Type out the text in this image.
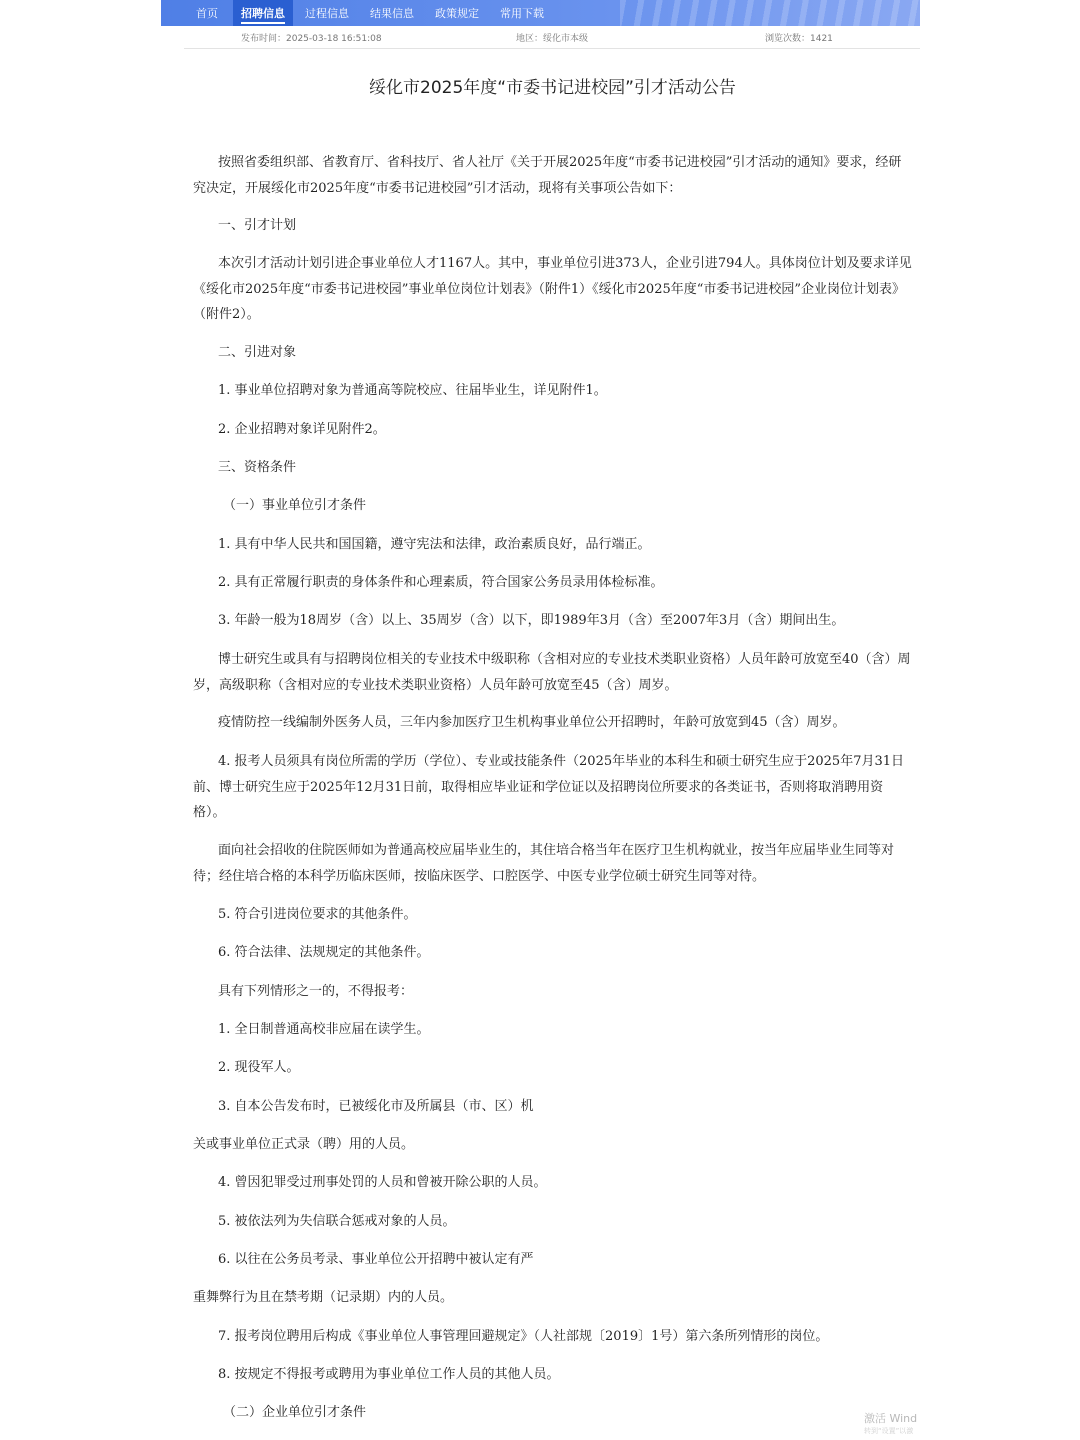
首页	招聘信息	过程信息	结果信息	政策规定	常用下载
发布时间：2025-03-18 16:51:08	地区：绥化市本级	浏览次数：1421
绥化市2025年度“市委书记进校园”引才活动公告
按照省委组织部、省教育厅、省科技厅、省人社厅《关于开展2025年度“市委书记进校园”引才活动的通知》要求，经研究决定，开展绥化市2025年度“市委书记进校园”引才活动，现将有关事项公告如下：
一、引才计划
本次引才活动计划引进企事业单位人才1167人。其中，事业单位引进373人，企业引进794人。具体岗位计划及要求详见《绥化市2025年度“市委书记进校园”事业单位岗位计划表》（附件1）《绥化市2025年度“市委书记进校园”企业岗位计划表》（附件2）。
二、引进对象
1. 事业单位招聘对象为普通高等院校应、往届毕业生，详见附件1。
2. 企业招聘对象详见附件2。
三、资格条件
（一）事业单位引才条件
1. 具有中华人民共和国国籍，遵守宪法和法律，政治素质良好，品行端正。
2. 具有正常履行职责的身体条件和心理素质，符合国家公务员录用体检标准。
3. 年龄一般为18周岁（含）以上、35周岁（含）以下，即1989年3月（含）至2007年3月（含）期间出生。
博士研究生或具有与招聘岗位相关的专业技术中级职称（含相对应的专业技术类职业资格）人员年龄可放宽至40（含）周岁，高级职称（含相对应的专业技术类职业资格）人员年龄可放宽至45（含）周岁。
疫情防控一线编制外医务人员，三年内参加医疗卫生机构事业单位公开招聘时，年龄可放宽到45（含）周岁。
4. 报考人员须具有岗位所需的学历（学位）、专业或技能条件（2025年毕业的本科生和硕士研究生应于2025年7月31日前、博士研究生应于2025年12月31日前，取得相应毕业证和学位证以及招聘岗位所要求的各类证书，否则将取消聘用资格）。
面向社会招收的住院医师如为普通高校应届毕业生的，其住培合格当年在医疗卫生机构就业，按当年应届毕业生同等对待；经住培合格的本科学历临床医师，按临床医学、口腔医学、中医专业学位硕士研究生同等对待。
5. 符合引进岗位要求的其他条件。
6. 符合法律、法规规定的其他条件。
具有下列情形之一的，不得报考：
1. 全日制普通高校非应届在读学生。
2. 现役军人。
3. 自本公告发布时，已被绥化市及所属县（市、区）机
关或事业单位正式录（聘）用的人员。
4. 曾因犯罪受过刑事处罚的人员和曾被开除公职的人员。
5. 被依法列为失信联合惩戒对象的人员。
6. 以往在公务员考录、事业单位公开招聘中被认定有严
重舞弊行为且在禁考期（记录期）内的人员。
7. 报考岗位聘用后构成《事业单位人事管理回避规定》（人社部规〔2019〕1号）第六条所列情形的岗位。
8. 按规定不得报考或聘用为事业单位工作人员的其他人员。
（二）企业单位引才条件	激活 Wind
转到“设置”以激
